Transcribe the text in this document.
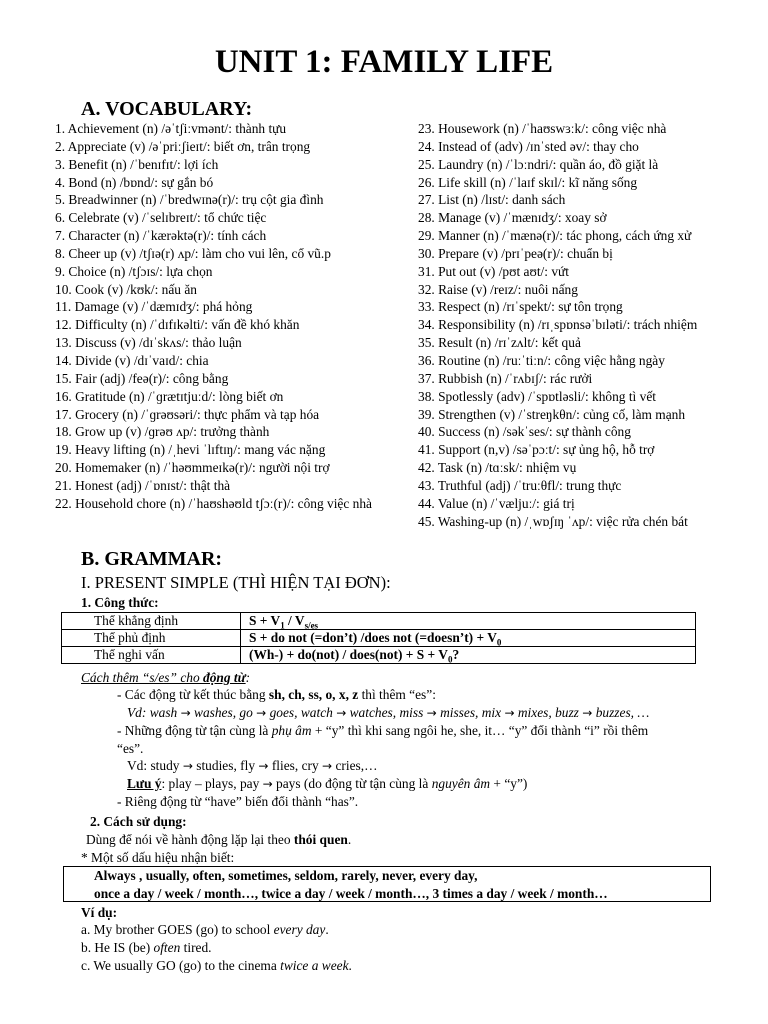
UNIT 1: FAMILY LIFE
A. VOCABULARY:
1. Achievement (n) /əˈtʃiːvmənt/: thành tựu
2. Appreciate (v) /əˈpriːʃieɪt/: biết ơn, trân trọng
3. Benefit (n) /ˈbenɪfɪt/: lợi ích
4. Bond (n) /bɒnd/: sự gắn bó
5. Breadwinner (n) /ˈbredwɪnə(r)/: trụ cột gia đình
6. Celebrate (v) /ˈselɪbreɪt/: tổ chức tiệc
7. Character (n) /ˈkærəktə(r)/: tính cách
8. Cheer up (v) /tʃɪə(r) ʌp/: làm cho vui lên, cổ vũ.p
9. Choice (n) /tʃɔɪs/: lựa chọn
10. Cook (v) /kʊk/: nấu ăn
11. Damage (v) /ˈdæmɪdʒ/: phá hỏng
12. Difficulty (n) /ˈdɪfɪkəlti/: vấn đề khó khăn
13. Discuss (v) /dɪˈskʌs/: thảo luận
14. Divide (v) /dɪˈvaɪd/: chia
15. Fair (adj) /feə(r)/: công bằng
16. Gratitude (n) /ˈɡrætɪtjuːd/: lòng biết ơn
17. Grocery (n) /ˈɡrəʊsəri/: thực phẩm và tạp hóa
18. Grow up (v) /ɡrəʊ ʌp/: trưởng thành
19. Heavy lifting (n) /ˌhevi ˈlɪftɪŋ/: mang vác nặng
20. Homemaker (n) /ˈhəʊmmeɪkə(r)/: người nội trợ
21. Honest (adj) /ˈɒnɪst/: thật thà
22. Household chore (n) /ˈhaʊshəʊld tʃɔː(r)/: công việc nhà
23. Housework (n) /ˈhaʊswɜːk/: công việc nhà
24. Instead of (adv) /ɪnˈsted əv/: thay cho
25. Laundry (n) /ˈlɔːndri/: quần áo, đồ giặt là
26. Life skill (n) /ˈlaɪf skɪl/: kĩ năng sống
27. List (n) /lɪst/: danh sách
28. Manage (v) /ˈmænɪdʒ/: xoay sở
29. Manner (n) /ˈmænə(r)/: tác phong, cách ứng xử
30. Prepare (v) /prɪˈpeə(r)/: chuẩn bị
31. Put out (v) /pʊt aʊt/: vứt
32. Raise (v) /reɪz/: nuôi nấng
33. Respect (n) /rɪˈspekt/: sự tôn trọng
34. Responsibility (n) /rɪˌspɒnsəˈbɪləti/: trách nhiệm
35. Result (n) /rɪˈzʌlt/: kết quả
36. Routine (n) /ruːˈtiːn/: công việc hằng ngày
37. Rubbish (n) /ˈrʌbɪʃ/: rác rưởi
38. Spotlessly (adv) /ˈspɒtləsli/: không tì vết
39. Strengthen (v) /ˈstreŋkθn/: củng cố, làm mạnh
40. Success (n) /səkˈses/: sự thành công
41. Support (n,v) /səˈpɔːt/: sự ủng hộ, hỗ trợ
42. Task (n) /tɑːsk/: nhiệm vụ
43. Truthful (adj) /ˈtruːθfl/: trung thực
44. Value (n) /ˈvæljuː/: giá trị
45. Washing-up (n) /ˌwɒʃɪŋ ˈʌp/: việc rửa chén bát
B. GRAMMAR:
I. PRESENT SIMPLE (THÌ HIỆN TẠI ĐƠN):
1. Công thức:
Thể khẳng định	$S + V_1 / V_{s/es}$
Thể phủ định	S + do not (=don’t) /does not (=doesn’t) + $V_0$
Thể nghi vấn	(Wh-) + do(not) / does(not) + $S + V_0$?
Cách thêm “s/es” cho động từ:
- Các động từ kết thúc bằng sh, ch, ss, o, x, z thì thêm “es”:
Vd: wash → washes, go → goes, watch → watches, miss → misses, mix → mixes, buzz → buzzes, …
- Những động từ tận cùng là phụ âm + “y” thì khi sang ngôi he, she, it… “y” đổi thành “i” rồi thêm
“es”.
Vd: study → studies, fly → flies, cry → cries,…
Lưu ý: play – plays, pay → pays (do động từ tận cùng là nguyên âm + “y”)
- Riêng động từ “have” biến đổi thành “has”.
2. Cách sử dụng:
Dùng để nói về hành động lặp lại theo thói quen.
* Một số dấu hiệu nhận biết:
Always , usually, often, sometimes, seldom, rarely, never, every day,
once a day / week / month…, twice a day / week / month…, 3 times a day / week / month…
Ví dụ:
a. My brother GOES (go) to school every day.
b. He IS (be) often tired.
c. We usually GO (go) to the cinema twice a week.
